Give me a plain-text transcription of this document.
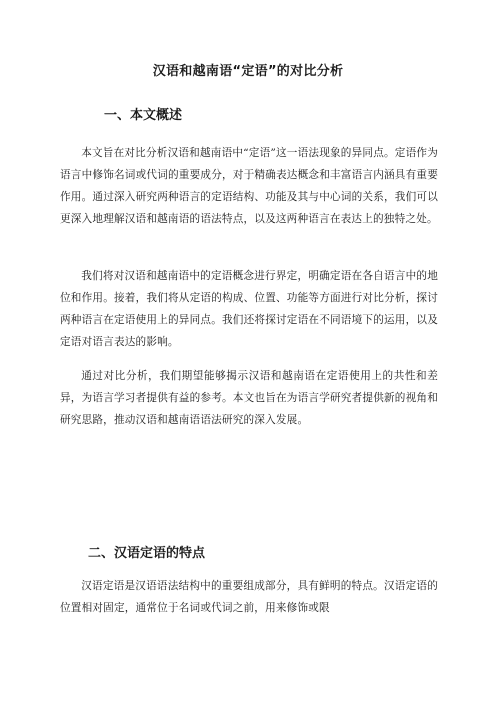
汉语和越南语“定语”的对比分析
一、本文概述

本文旨在对比分析汉语和越南语中“定语”这一语法现象的异同点。定语作为语言中修饰名词或代词的重要成分，对于精确表达概念和丰富语言内涵具有重要作用。通过深入研究两种语言的定语结构、功能及其与中心词的关系，我们可以更深入地理解汉语和越南语的语法特点，以及这两种语言在表达上的独特之处。

我们将对汉语和越南语中的定语概念进行界定，明确定语在各自语言中的地位和作用。接着，我们将从定语的构成、位置、功能等方面进行对比分析，探讨两种语言在定语使用上的异同点。我们还将探讨定语在不同语境下的运用，以及定语对语言表达的影响。

通过对比分析，我们期望能够揭示汉语和越南语在定语使用上的共性和差异，为语言学习者提供有益的参考。本文也旨在为语言学研究者提供新的视角和研究思路，推动汉语和越南语语法研究的深入发展。

二、汉语定语的特点

汉语定语是汉语语法结构中的重要组成部分，具有鲜明的特点。汉语定语的位置相对固定，通常位于名词或代词之前，用来修饰或限
